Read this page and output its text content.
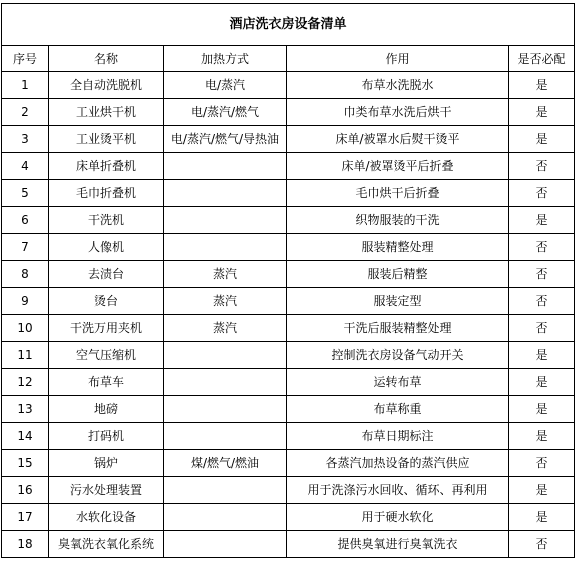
酒店洗衣房设备清单				
序号	名称	加热方式	作用	是否必配
1	全自动洗脱机	电/蒸汽	布草水洗脱水	是
2	工业烘干机	电/蒸汽/燃气	巾类布草水洗后烘干	是
3	工业烫平机	电/蒸汽/燃气/导热油	床单/被罩水后熨干烫平	是
4	床单折叠机		床单/被罩烫平后折叠	否
5	毛巾折叠机		毛巾烘干后折叠	否
6	干洗机		织物服装的干洗	是
7	人像机		服装精整处理	否
8	去渍台	蒸汽	服装后精整	否
9	烫台	蒸汽	服装定型	否
10	干洗万用夹机	蒸汽	干洗后服装精整处理	否
11	空气压缩机		控制洗衣房设备气动开关	是
12	布草车		运转布草	是
13	地磅		布草称重	是
14	打码机		布草日期标注	是
15	锅炉	煤/燃气/燃油	各蒸汽加热设备的蒸汽供应	否
16	污水处理装置		用于洗涤污水回收、循环、再利用	是
17	水软化设备		用于硬水软化	是
18	臭氧洗衣氧化系统		提供臭氧进行臭氧洗衣	否
